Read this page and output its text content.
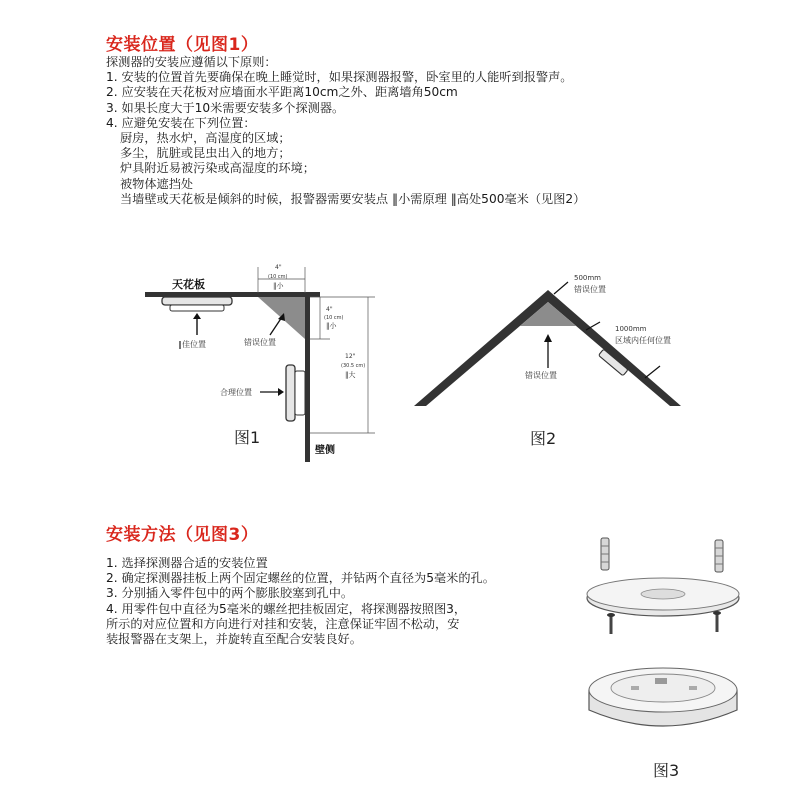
安装位置（见图1）
探测器的安装应遵循以下原则：
1. 安装的位置首先要确保在晚上睡觉时，如果探测器报警，卧室里的人能听到报警声。
2. 应安装在天花板对应墙面水平距离10cm之外、距离墙角50cm
3. 如果长度大于10米需要安装多个探测器。
4. 应避免安装在下列位置：
厨房，热水炉，高湿度的区域；
多尘，肮脏或昆虫出入的地方；
炉具附近易被污染或高湿度的环境；
被物体遮挡处
当墙壁或天花板是倾斜的时候，报警器需要安装点 ‖小需原理 ‖高处500毫米（见图2）
天花板
‖佳位置	错误位置
4"
(10 cm)
‖小
4"
(10 cm)
‖小
12"
(30.5 cm)
‖大
合理位置
壁侧
图1
500mm
错误位置
1000mm
区域内任何位置
错误位置
图2
安装方法（见图3）
1. 选择探测器合适的安装位置
2. 确定探测器挂板上两个固定螺丝的位置，并钻两个直径为5毫米的孔。
3. 分别插入零件包中的两个膨胀胶塞到孔中。
4. 用零件包中直径为5毫米的螺丝把挂板固定，将探测器按照图3，
所示的对应位置和方向进行对挂和安装，注意保证牢固不松动，安
装报警器在支架上，并旋转直至配合安装良好。
图3
